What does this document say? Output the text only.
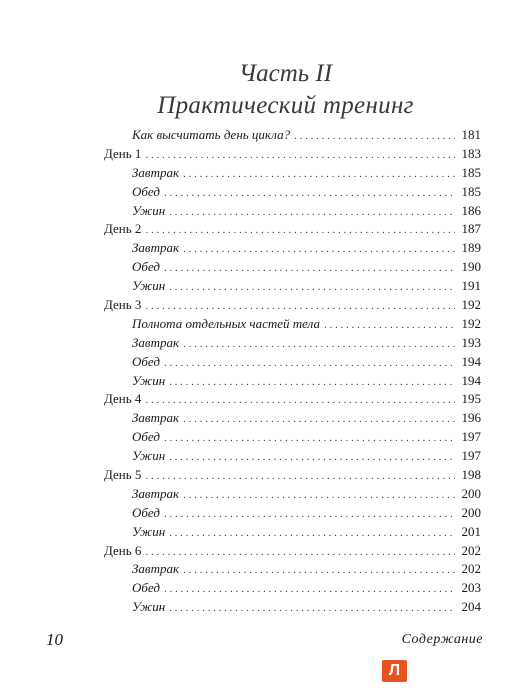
Часть II
Практический тренинг
Как высчитать день цикла? . . .	181
День 1 . . .	183
Завтрак . . .	185
Обед . . .	185
Ужин . . .	186
День 2 . . .	187
Завтрак . . .	189
Обед . . .	190
Ужин . . .	191
День 3 . . .	192
Полнота отдельных частей тела . . .	192
Завтрак . . .	193
Обед . . .	194
Ужин . . .	194
День 4 . . .	195
Завтрак . . .	196
Обед . . .	197
Ужин . . .	197
День 5 . . .	198
Завтрак . . .	200
Обед . . .	200
Ужин . . .	201
День 6 . . .	202
Завтрак . . .	202
Обед . . .	203
Ужин . . .	204
10	Содержание
Л
